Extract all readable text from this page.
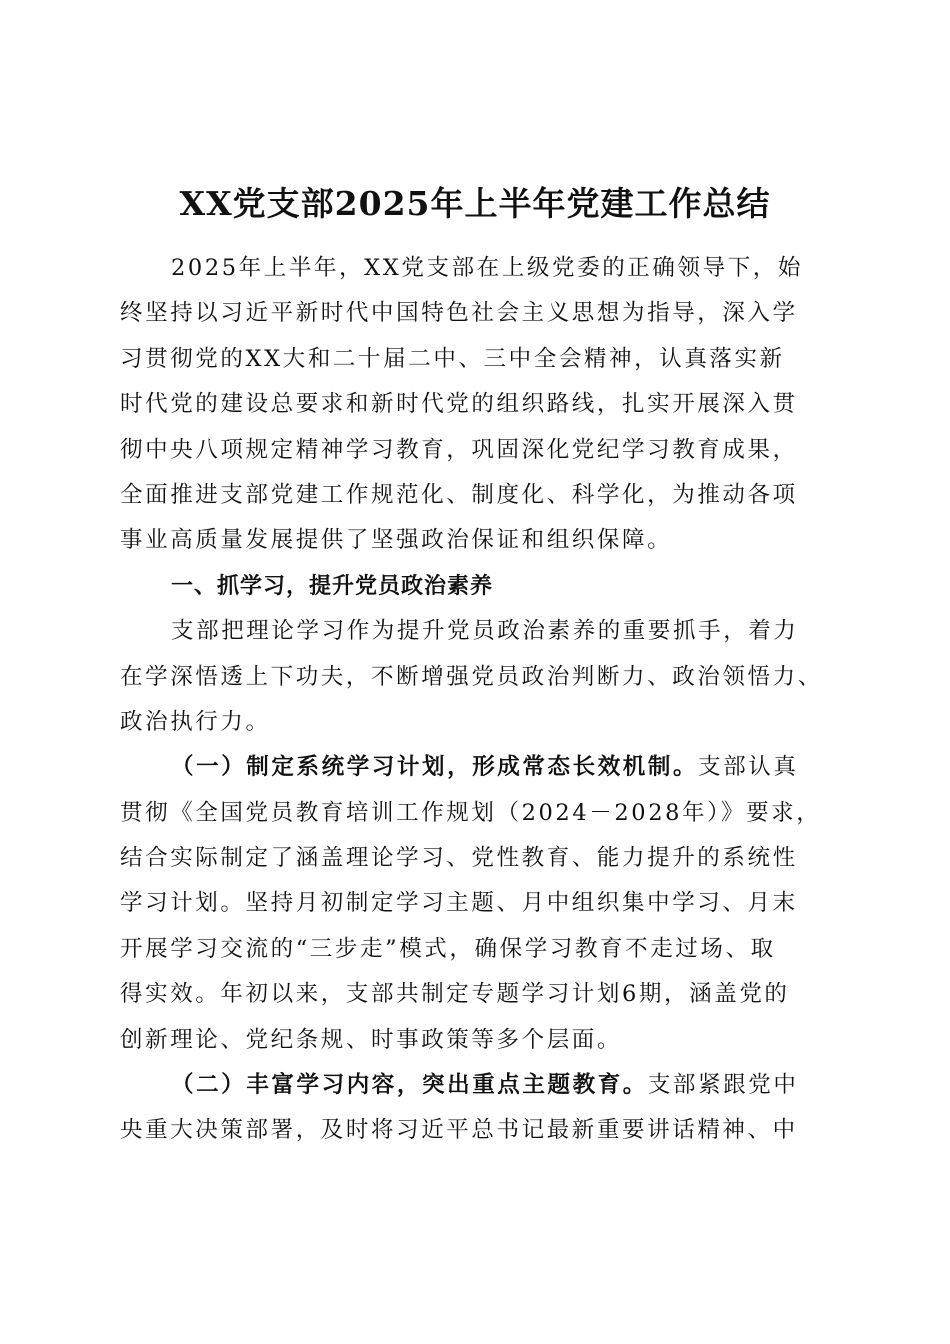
XX党支部2025年上半年党建工作总结
2025年上半年，XX党支部在上级党委的正确领导下，始
终坚持以习近平新时代中国特色社会主义思想为指导，深入学
习贯彻党的XX大和二十届二中、三中全会精神，认真落实新
时代党的建设总要求和新时代党的组织路线，扎实开展深入贯
彻中央八项规定精神学习教育，巩固深化党纪学习教育成果，
全面推进支部党建工作规范化、制度化、科学化，为推动各项
事业高质量发展提供了坚强政治保证和组织保障。
一、抓学习，提升党员政治素养
支部把理论学习作为提升党员政治素养的重要抓手，着力
在学深悟透上下功夫，不断增强党员政治判断力、政治领悟力、
政治执行力。
（一）制定系统学习计划，形成常态长效机制。支部认真
贯彻《全国党员教育培训工作规划（2024－2028年）》要求，
结合实际制定了涵盖理论学习、党性教育、能力提升的系统性
学习计划。坚持月初制定学习主题、月中组织集中学习、月末
开展学习交流的“三步走”模式，确保学习教育不走过场、取
得实效。年初以来，支部共制定专题学习计划6期，涵盖党的
创新理论、党纪条规、时事政策等多个层面。
（二）丰富学习内容，突出重点主题教育。支部紧跟党中
央重大决策部署，及时将习近平总书记最新重要讲话精神、中
